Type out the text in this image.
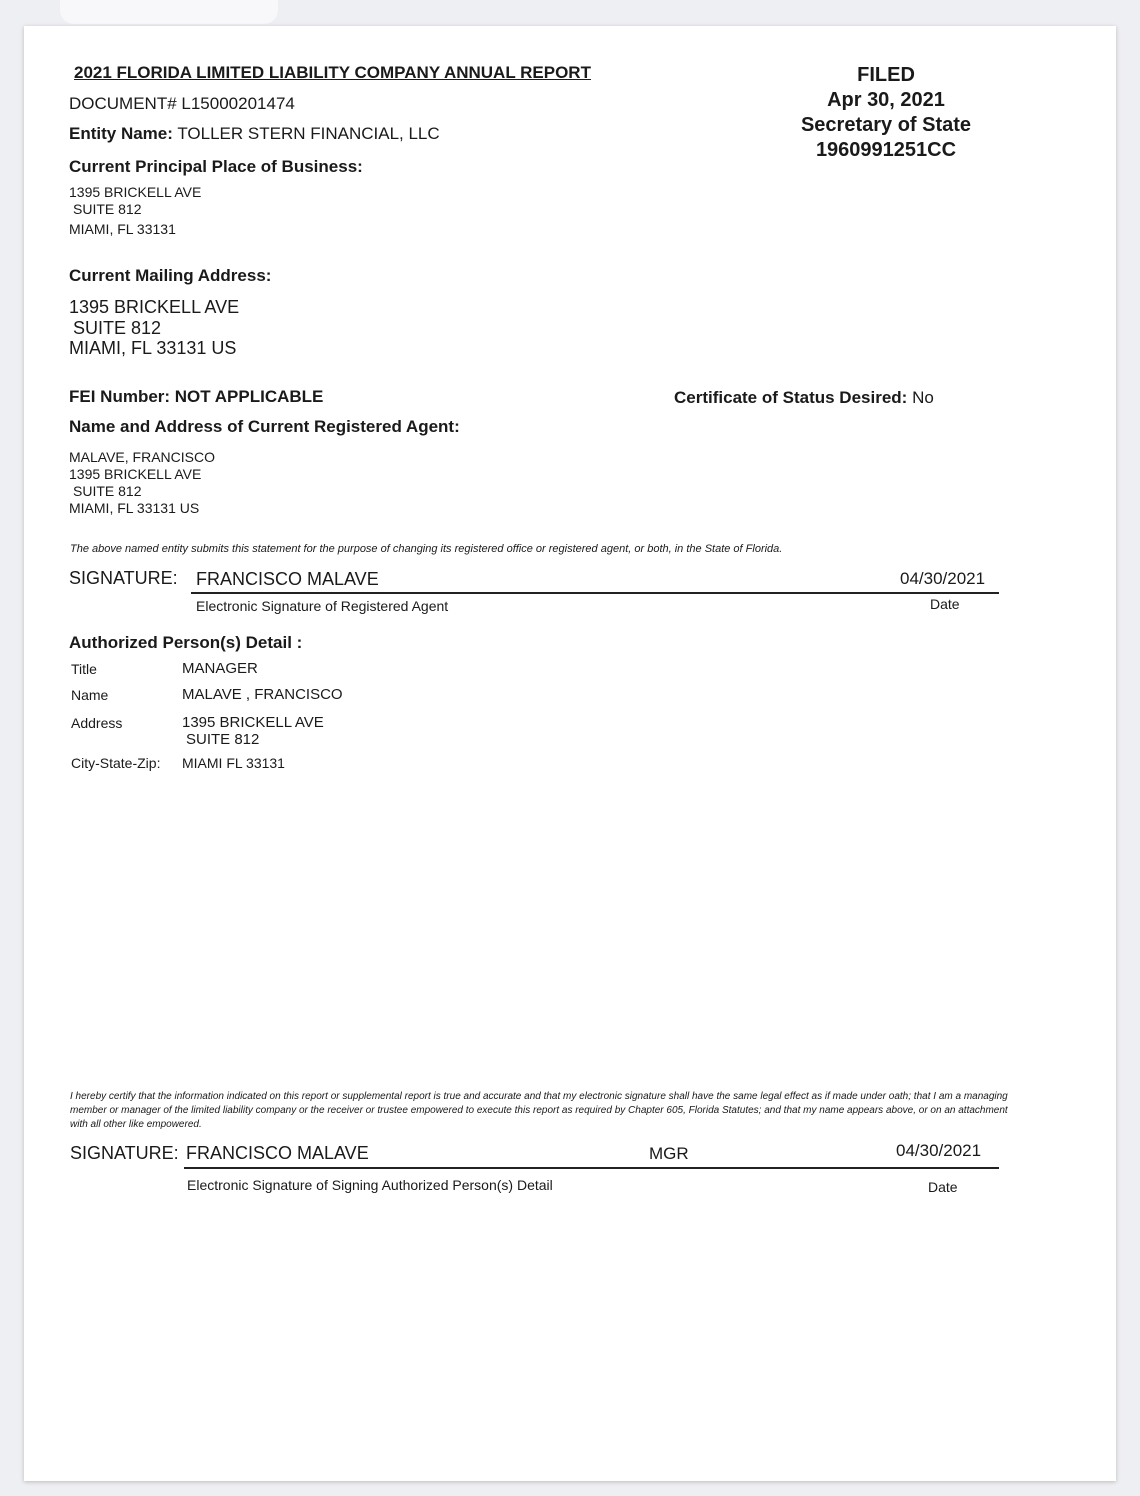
2021 FLORIDA LIMITED LIABILITY COMPANY ANNUAL REPORT
DOCUMENT# L15000201474
Entity Name: TOLLER STERN FINANCIAL, LLC
FILED
Apr 30, 2021
Secretary of State
1960991251CC
Current Principal Place of Business:
1395 BRICKELL AVE
SUITE 812
MIAMI, FL 33131
Current Mailing Address:
1395 BRICKELL AVE
SUITE 812
MIAMI, FL 33131 US
FEI Number: NOT APPLICABLE	Certificate of Status Desired: No
Name and Address of Current Registered Agent:
MALAVE, FRANCISCO
1395 BRICKELL AVE
SUITE 812
MIAMI, FL 33131 US
The above named entity submits this statement for the purpose of changing its registered office or registered agent, or both, in the State of Florida.
SIGNATURE: FRANCISCO MALAVE	04/30/2021
Electronic Signature of Registered Agent	Date
Authorized Person(s) Detail :
Title	MANAGER
Name	MALAVE , FRANCISCO
Address	1395 BRICKELL AVE
SUITE 812
City-State-Zip: MIAMI FL 33131
I hereby certify that the information indicated on this report or supplemental report is true and accurate and that my electronic signature shall have the same legal effect as if made under oath; that I am a managing member or manager of the limited liability company or the receiver or trustee empowered to execute this report as required by Chapter 605, Florida Statutes; and that my name appears above, or on an attachment with all other like empowered.
SIGNATURE: FRANCISCO MALAVE	MGR	04/30/2021
Electronic Signature of Signing Authorized Person(s) Detail	Date
